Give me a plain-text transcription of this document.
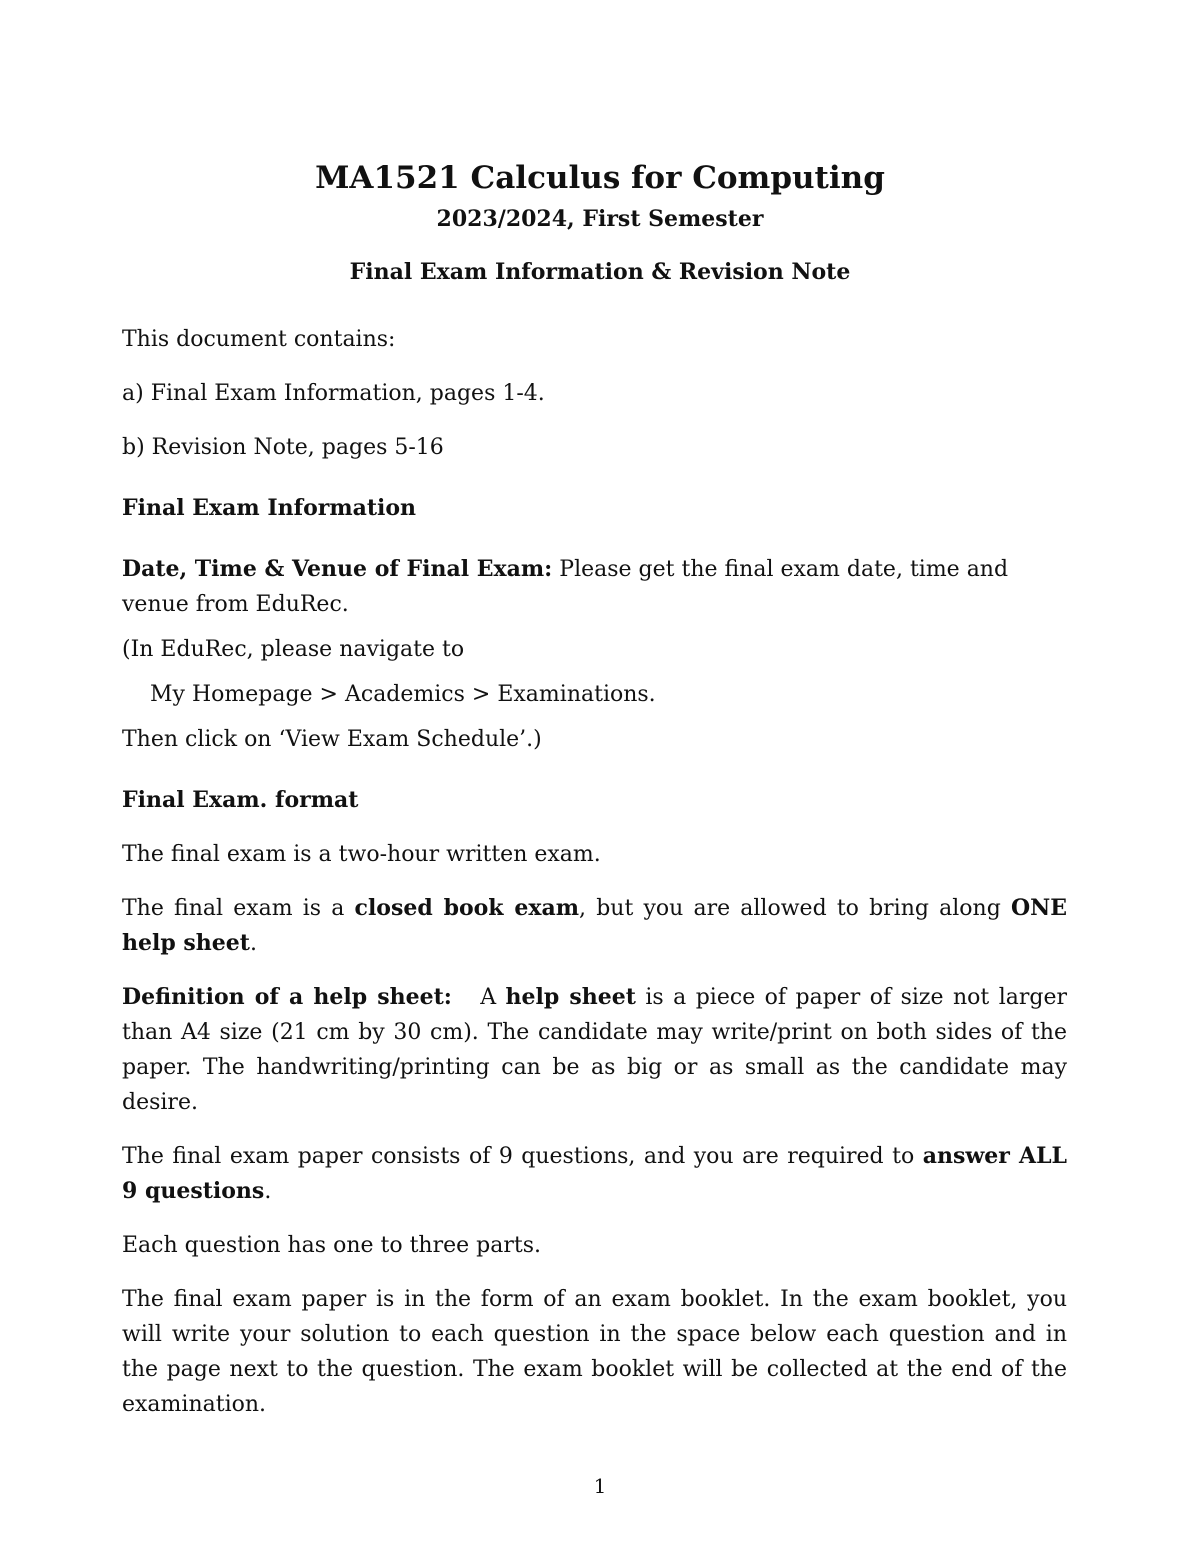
MA1521 Calculus for Computing
2023/2024, First Semester
Final Exam Information & Revision Note

This document contains:

a) Final Exam Information, pages 1-4.

b) Revision Note, pages 5-16

Final Exam Information

Date, Time & Venue of Final Exam: Please get the final exam date, time and venue from EduRec.

(In EduRec, please navigate to

My Homepage > Academics > Examinations.

Then click on ‘View Exam Schedule’.)

Final Exam. format

The final exam is a two-hour written exam.

The final exam is a closed book exam, but you are allowed to bring along ONE help sheet.

Definition of a help sheet:   A help sheet is a piece of paper of size not larger than A4 size (21 cm by 30 cm). The candidate may write/print on both sides of the paper. The handwriting/printing can be as big or as small as the candidate may desire.

The final exam paper consists of 9 questions, and you are required to answer ALL 9 questions.

Each question has one to three parts.

The final exam paper is in the form of an exam booklet. In the exam booklet, you will write your solution to each question in the space below each question and in the page next to the question. The exam booklet will be collected at the end of the examination.

1
